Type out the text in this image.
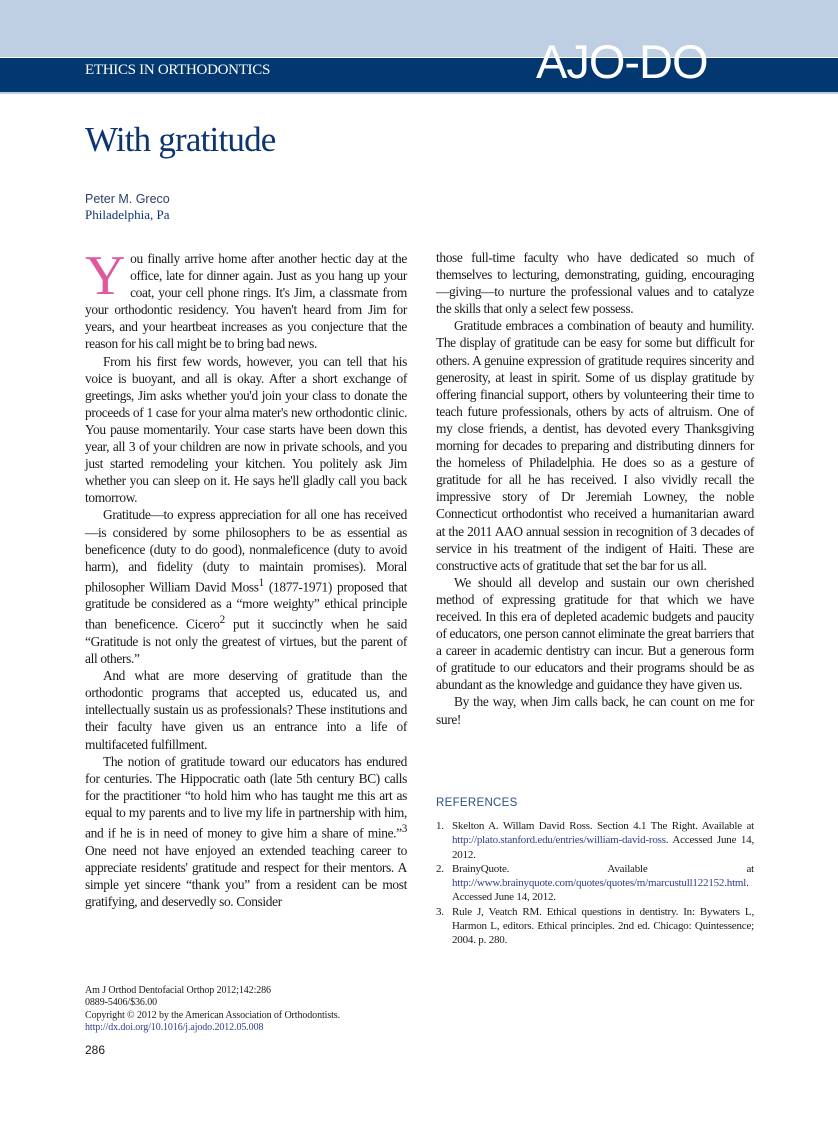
ETHICS IN ORTHODONTICS	AJO-DO
With gratitude
Peter M. Greco
Philadelphia, Pa

You finally arrive home after another hectic day at the office, late for dinner again. Just as you hang up your coat, your cell phone rings. It's Jim, a classmate from your orthodontic residency. You haven't heard from Jim for years, and your heartbeat increases as you conjecture that the reason for his call might be to bring bad news.

From his first few words, however, you can tell that his voice is buoyant, and all is okay. After a short exchange of greetings, Jim asks whether you'd join your class to donate the proceeds of 1 case for your alma mater's new orthodontic clinic. You pause momentarily. Your case starts have been down this year, all 3 of your children are now in private schools, and you just started remodeling your kitchen. You politely ask Jim whether you can sleep on it. He says he'll gladly call you back tomorrow.

Gratitude—to express appreciation for all one has received—is considered by some philosophers to be as essential as beneficence (duty to do good), nonmaleficence (duty to avoid harm), and fidelity (duty to maintain promises). Moral philosopher William David Moss$^1$ (1877-1971) proposed that gratitude be considered as a “more weighty” ethical principle than beneficence. Cicero$^2$ put it succinctly when he said “Gratitude is not only the greatest of virtues, but the parent of all others.”

And what are more deserving of gratitude than the orthodontic programs that accepted us, educated us, and intellectually sustain us as professionals? These institutions and their faculty have given us an entrance into a life of multifaceted fulfillment.

The notion of gratitude toward our educators has endured for centuries. The Hippocratic oath (late 5th century BC) calls for the practitioner “to hold him who has taught me this art as equal to my parents and to live my life in partnership with him, and if he is in need of money to give him a share of mine.”$^3$ One need not have enjoyed an extended teaching career to appreciate residents' gratitude and respect for their mentors. A simple yet sincere “thank you” from a resident can be most gratifying, and deservedly so. Consider

those full-time faculty who have dedicated so much of themselves to lecturing, demonstrating, guiding, encouraging—giving—to nurture the professional values and to catalyze the skills that only a select few possess.

Gratitude embraces a combination of beauty and humility. The display of gratitude can be easy for some but difficult for others. A genuine expression of gratitude requires sincerity and generosity, at least in spirit. Some of us display gratitude by offering financial support, others by volunteering their time to teach future professionals, others by acts of altruism. One of my close friends, a dentist, has devoted every Thanksgiving morning for decades to preparing and distributing dinners for the homeless of Philadelphia. He does so as a gesture of gratitude for all he has received. I also vividly recall the impressive story of Dr Jeremiah Lowney, the noble Connecticut orthodontist who received a humanitarian award at the 2011 AAO annual session in recognition of 3 decades of service in his treatment of the indigent of Haiti. These are constructive acts of gratitude that set the bar for us all.

We should all develop and sustain our own cherished method of expressing gratitude for that which we have received. In this era of depleted academic budgets and paucity of educators, one person cannot eliminate the great barriers that a career in academic dentistry can incur. But a generous form of gratitude to our educators and their programs should be as abundant as the knowledge and guidance they have given us.

By the way, when Jim calls back, he can count on me for sure!

REFERENCES
1. Skelton A. Willam David Ross. Section 4.1 The Right. Available at http://plato.stanford.edu/entries/william-david-ross. Accessed June 14, 2012.
2. BrainyQuote. Available at http://www.brainyquote.com/quotes/quotes/m/marcustull122152.html. Accessed June 14, 2012.
3. Rule J, Veatch RM. Ethical questions in dentistry. In: Bywaters L, Harmon L, editors. Ethical principles. 2nd ed. Chicago: Quintessence; 2004. p. 280.
Am J Orthod Dentofacial Orthop 2012;142:286
0889-5406/$36.00
Copyright © 2012 by the American Association of Orthodontists.
http://dx.doi.org/10.1016/j.ajodo.2012.05.008
286
